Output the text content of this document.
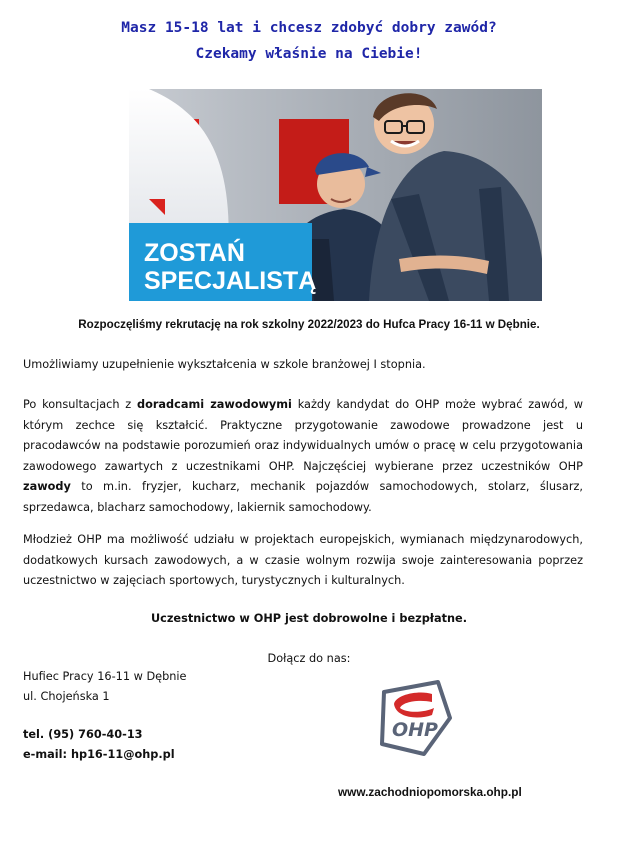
Masz 15-18 lat i chcesz zdobyć dobry zawód?

Czekamy właśnie na Ciebie!

ZOSTAŃ
SPECJALISTĄ

Rozpoczęliśmy rekrutację na rok szkolny 2022/2023 do Hufca Pracy 16-11 w Dębnie.

Umożliwiamy uzupełnienie wykształcenia w szkole branżowej I stopnia.

Po konsultacjach z doradcami zawodowymi każdy kandydat do OHP może wybrać zawód, w którym zechce się kształcić. Praktyczne przygotowanie zawodowe prowadzone jest u pracodawców na podstawie porozumień oraz indywidualnych umów o pracę w celu przygotowania zawodowego zawartych z uczestnikami OHP. Najczęściej wybierane przez uczestników OHP zawody to m.in. fryzjer, kucharz, mechanik pojazdów samochodowych, stolarz, ślusarz, sprzedawca, blacharz samochodowy, lakiernik samochodowy.

Młodzież OHP ma możliwość udziału w projektach europejskich, wymianach międzynarodowych, dodatkowych kursach zawodowych, a w czasie wolnym rozwija swoje zainteresowania poprzez uczestnictwo w zajęciach sportowych, turystycznych i kulturalnych.

Uczestnictwo w OHP jest dobrowolne i bezpłatne.

Dołącz do nas:

Hufiec Pracy 16-11 w Dębnie

ul. Chojeńska 1

tel. (95) 760-40-13

e-mail: hp16-11@ohp.pl

OHP

www.zachodniopomorska.ohp.pl
